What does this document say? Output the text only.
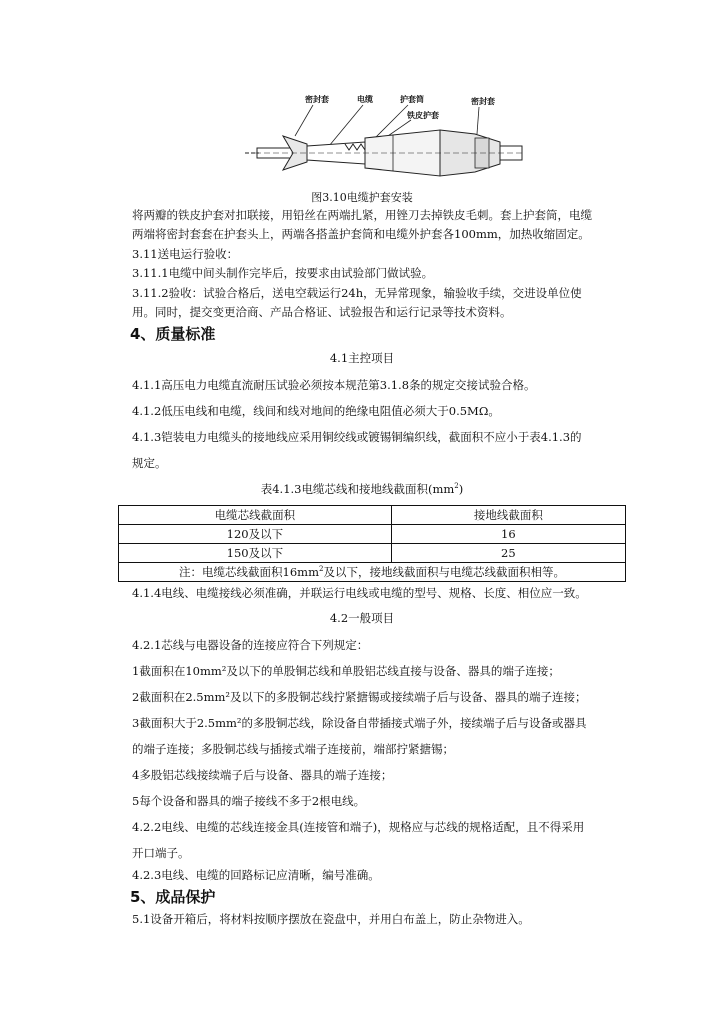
密封套	电缆	护套筒
铁皮护套
密封套
图3.10电缆护套安装
将两瓣的铁皮护套对扣联接，用铅丝在两端扎紧，用锉刀去掉铁皮毛刺。套上护套筒，电缆
两端将密封套套在护套头上，两端各搭盖护套筒和电缆外护套各100mm，加热收缩固定。
3.11送电运行验收：
3.11.1电缆中间头制作完毕后，按要求由试验部门做试验。
3.11.2验收：试验合格后，送电空载运行24h，无异常现象，输验收手续，交进设单位使
用。同时，提交变更洽商、产品合格证、试验报告和运行记录等技术资料。
4、质量标准
4.1主控项目
4.1.1高压电力电缆直流耐压试验必须按本规范第3.1.8条的规定交接试验合格。
4.1.2低压电线和电缆，线间和线对地间的绝缘电阻值必须大于0.5MΩ。
4.1.3铠装电力电缆头的接地线应采用铜绞线或镀锡铜编织线，截面积不应小于表4.1.3的
规定。
表4.1.3电缆芯线和接地线截面积$(mm^2)$
电缆芯线截面积	接地线截面积
120及以下	16
150及以下	25
注：电缆芯线截面积$16mm^2$及以下，接地线截面积与电缆芯线截面积相等。	
4.1.4电线、电缆接线必须准确，并联运行电线或电缆的型号、规格、长度、相位应一致。
4.2一般项目
4.2.1芯线与电器设备的连接应符合下列规定：
1截面积在10mm²及以下的单股铜芯线和单股铝芯线直接与设备、器具的端子连接；
2截面积在2.5mm²及以下的多股铜芯线拧紧搪锡或接续端子后与设备、器具的端子连接；
3截面积大于2.5mm²的多股铜芯线，除设备自带插接式端子外，接续端子后与设备或器具
的端子连接；多股铜芯线与插接式端子连接前，端部拧紧搪锡；
4多股铝芯线接续端子后与设备、器具的端子连接；
5每个设备和器具的端子接线不多于2根电线。
4.2.2电线、电缆的芯线连接金具(连接管和端子)，规格应与芯线的规格适配，且不得采用
开口端子。
4.2.3电线、电缆的回路标记应清晰，编号准确。
5、成品保护
5.1设备开箱后，将材料按顺序摆放在瓷盘中，并用白布盖上，防止杂物进入。
